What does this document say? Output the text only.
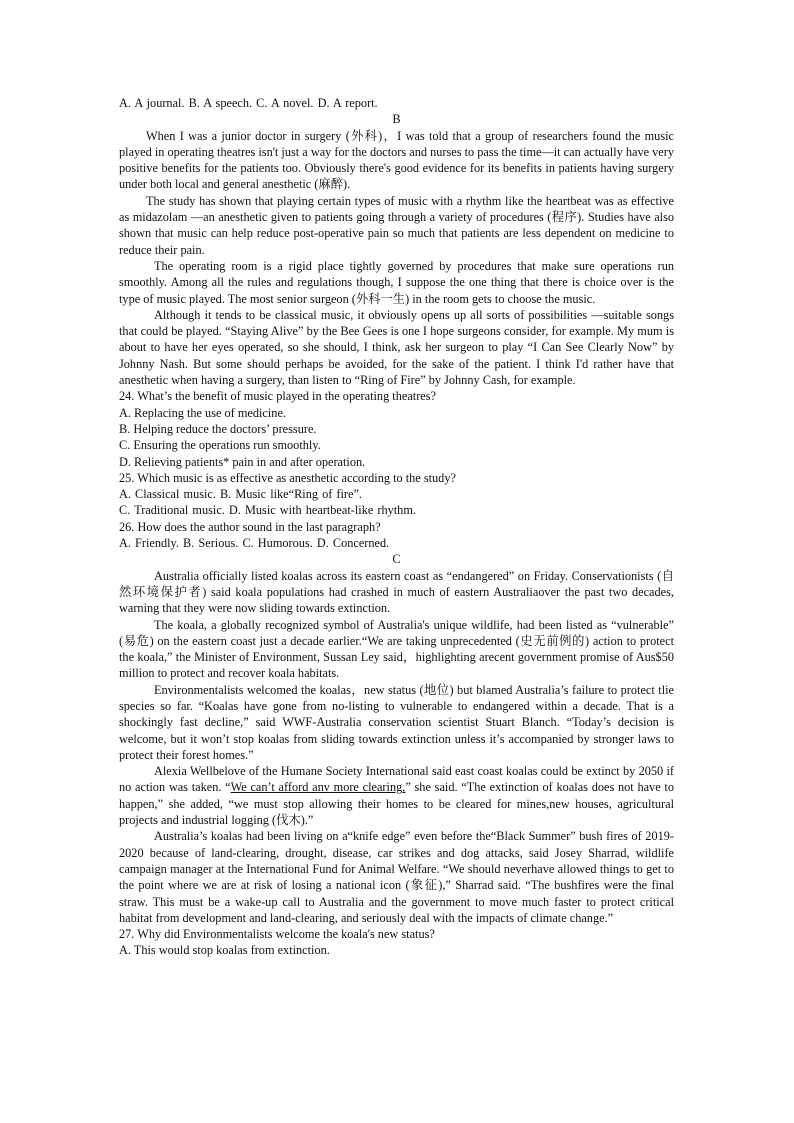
A. A journal. B. A speech. C. A novel. D. A report.
B
When I was a junior doctor in surgery (外科)，I was told that a group of researchers found the music played in operating theatres isn't just a way for the doctors and nurses to pass the time—it can actually have very positive benefits for the patients too. Obviously there's good evidence for its benefits in patients having surgery under both local and general anesthetic (麻醉).
The study has shown that playing certain types of music with a rhythm like the heartbeat was as effective as midazolam —an anesthetic given to patients going through a variety of procedures (程序). Studies have also shown that music can help reduce post-operative pain so much that patients are less dependent on medicine to reduce their pain.
The operating room is a rigid place tightly governed by procedures that make sure operations run smoothly. Among all the rules and regulations though, I suppose the one thing that there is choice over is the type of music played. The most senior surgeon (外科一生) in the room gets to choose the music.
Although it tends to be classical music, it obviously opens up all sorts of possibilities —suitable songs that could be played. “Staying Alive” by the Bee Gees is one I hope surgeons consider, for example. My mum is about to have her eyes operated, so she should, I think, ask her surgeon to play “I Can See Clearly Now” by Johnny Nash. But some should perhaps be avoided, for the sake of the patient. I think I'd rather have that anesthetic when having a surgery, than listen to “Ring of Fire” by Johnny Cash, for example.
24. What’s the benefit of music played in the operating theatres?
A. Replacing the use of medicine.
B. Helping reduce the doctors’ pressure.
C. Ensuring the operations run smoothly.
D. Relieving patients* pain in and after operation.
25. Which music is as effective as anesthetic according to the study?
A. Classical music. B. Music like“Ring of fire”.
C. Traditional music. D. Music with heartbeat-like rhythm.
26. How does the author sound in the last paragraph?
A. Friendly. B. Serious. C. Humorous. D. Concerned.
C
Australia officially listed koalas across its eastern coast as “endangered” on Friday. Conservationists (自然环境保护者) said koala populations had crashed in much of eastern Australiaover the past two decades, warning that they were now sliding towards extinction.
The koala, a globally recognized symbol of Australia's unique wildlife, had been listed as “vulnerable” (易危) on the eastern coast just a decade earlier.“We are taking unprecedented (史无前例的) action to protect the koala,” the Minister of Environment, Sussan Ley said，highlighting arecent government promise of Aus$50 million to protect and recover koala habitats.
Environmentalists welcomed the koalas，new status (地位) but blamed Australia’s failure to protect tlie species so far. “Koalas have gone from no-listing to vulnerable to endangered within a decade. That is a shockingly fast decline,” said WWF-Australia conservation scientist Stuart Blanch. “Today’s decision is welcome, but it won’t stop koalas from sliding towards extinction unless it’s accompanied by stronger laws to protect their forest homes.”
Alexia Wellbelove of the Humane Society International said east coast koalas could be extinct by 2050 if no action was taken. “We can’t afford anv more clearing,” she said. “The extinction of koalas does not have to happen,” she added, “we must stop allowing their homes to be cleared for mines,new houses, agricultural projects and industrial logging (伐木).”
Australia’s koalas had been living on a“knife edge” even before the“Black Summer” bush fires of 2019-2020 because of land-clearing, drought, disease, car strikes and dog attacks, said Josey Sharrad, wildlife campaign manager at the International Fund for Animal Welfare. “We should neverhave allowed things to get to the point where we are at risk of losing a national icon (象征),” Sharrad said. “The bushfires were the final straw. This must be a wake-up call to Australia and the government to move much faster to protect critical habitat from development and land-clearing, and seriously deal with the impacts of climate change.”
27. Why did Environmentalists welcome the koala's new status?
A. This would stop koalas from extinction.
